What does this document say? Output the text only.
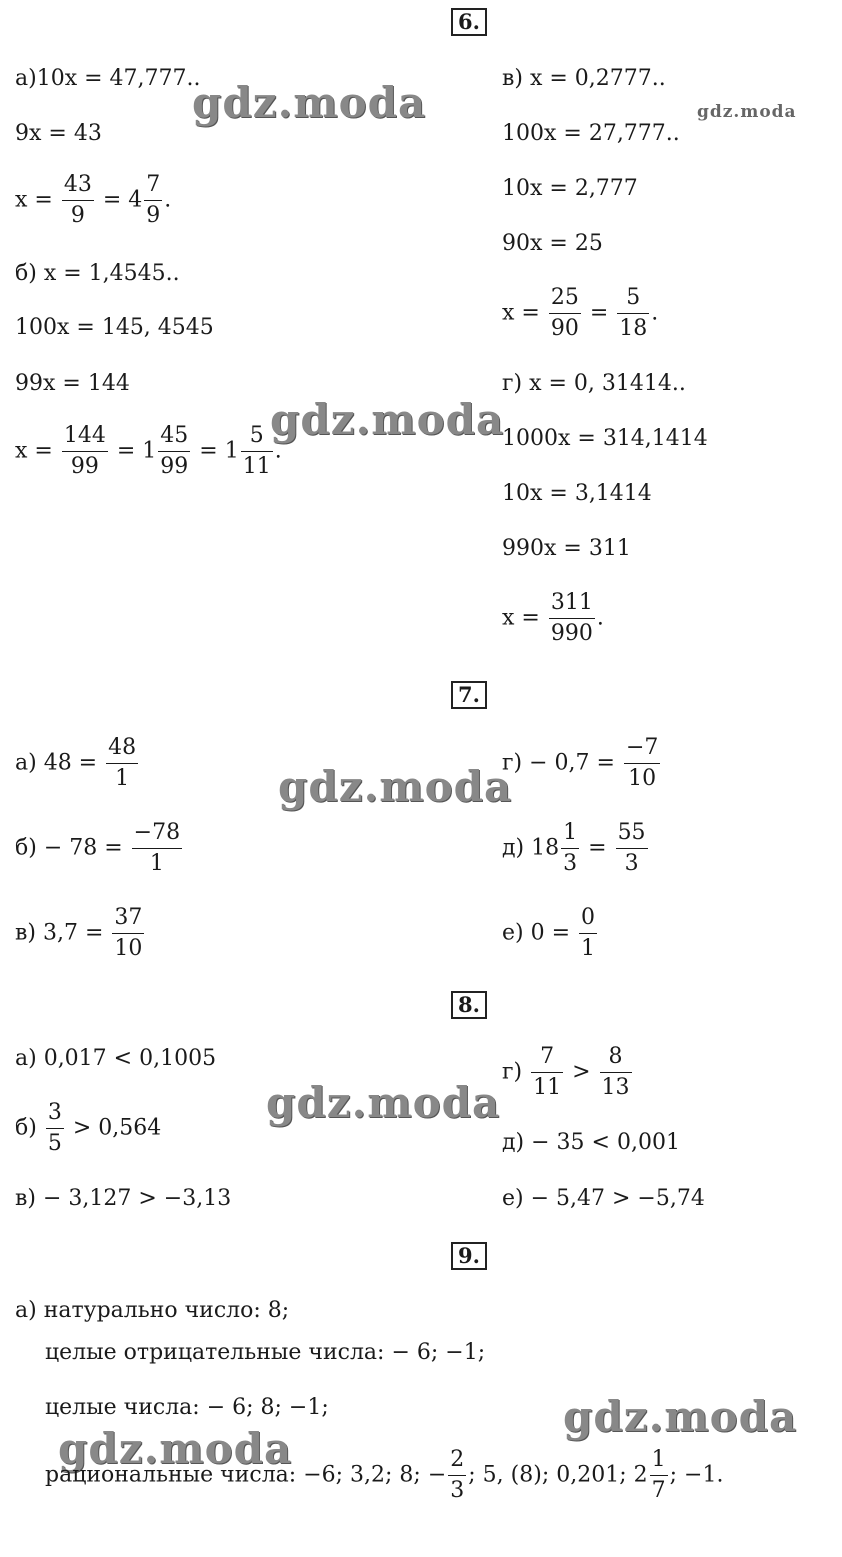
gdz.moda	gdz.moda
gdz.moda
gdz.moda
gdz.moda
gdz.moda
gdz.moda
6.
а)10x = 47,777..
9x = 43
$x = \frac{43}{9} = 4 \frac{7}{9}$ .
б) x = 1,4545..
100x = 145, 4545
99x = 144
$x = \frac{144}{99} = 1 \frac{45}{99} = 1 \frac{5}{11}$ .
в) x = 0,2777..
100x = 27,777..
10x = 2,777
90x = 25
$x = \frac{25}{90} = \frac{5}{18}$ .
г) x = 0, 31414..
1000x = 314,1414
10x = 3,1414
990x = 311
$x = \frac{311}{990}$ .
7.
а) $48 = \frac{48}{1}$
$б) - 78 = \frac{-78}{1}$
в) $3,7 = \frac{37}{10}$
$г) - 0,7 = \frac{-7}{10}$
д) $18 \frac{1}{3} = \frac{55}{3}$
е) $0 = \frac{0}{1}$
8.
а) 0,017 < 0,1005
$б) \frac{3}{5} > 0,564$
в) − 3,127 > −3,13
$г) \frac{7}{11} > \frac{8}{13}$
д) − 35 < 0,001
е) − 5,47 > −5,74
9.
а) натурально число: 8;
целые отрицательные числа: − 6; −1;
целые числа: − 6; 8; −1;
рациональные числа: −6; 3,2; 8; − $\frac{2}{3}$ ; 5, (8); 0,201; $2 \frac{1}{7}$ ; −1.
